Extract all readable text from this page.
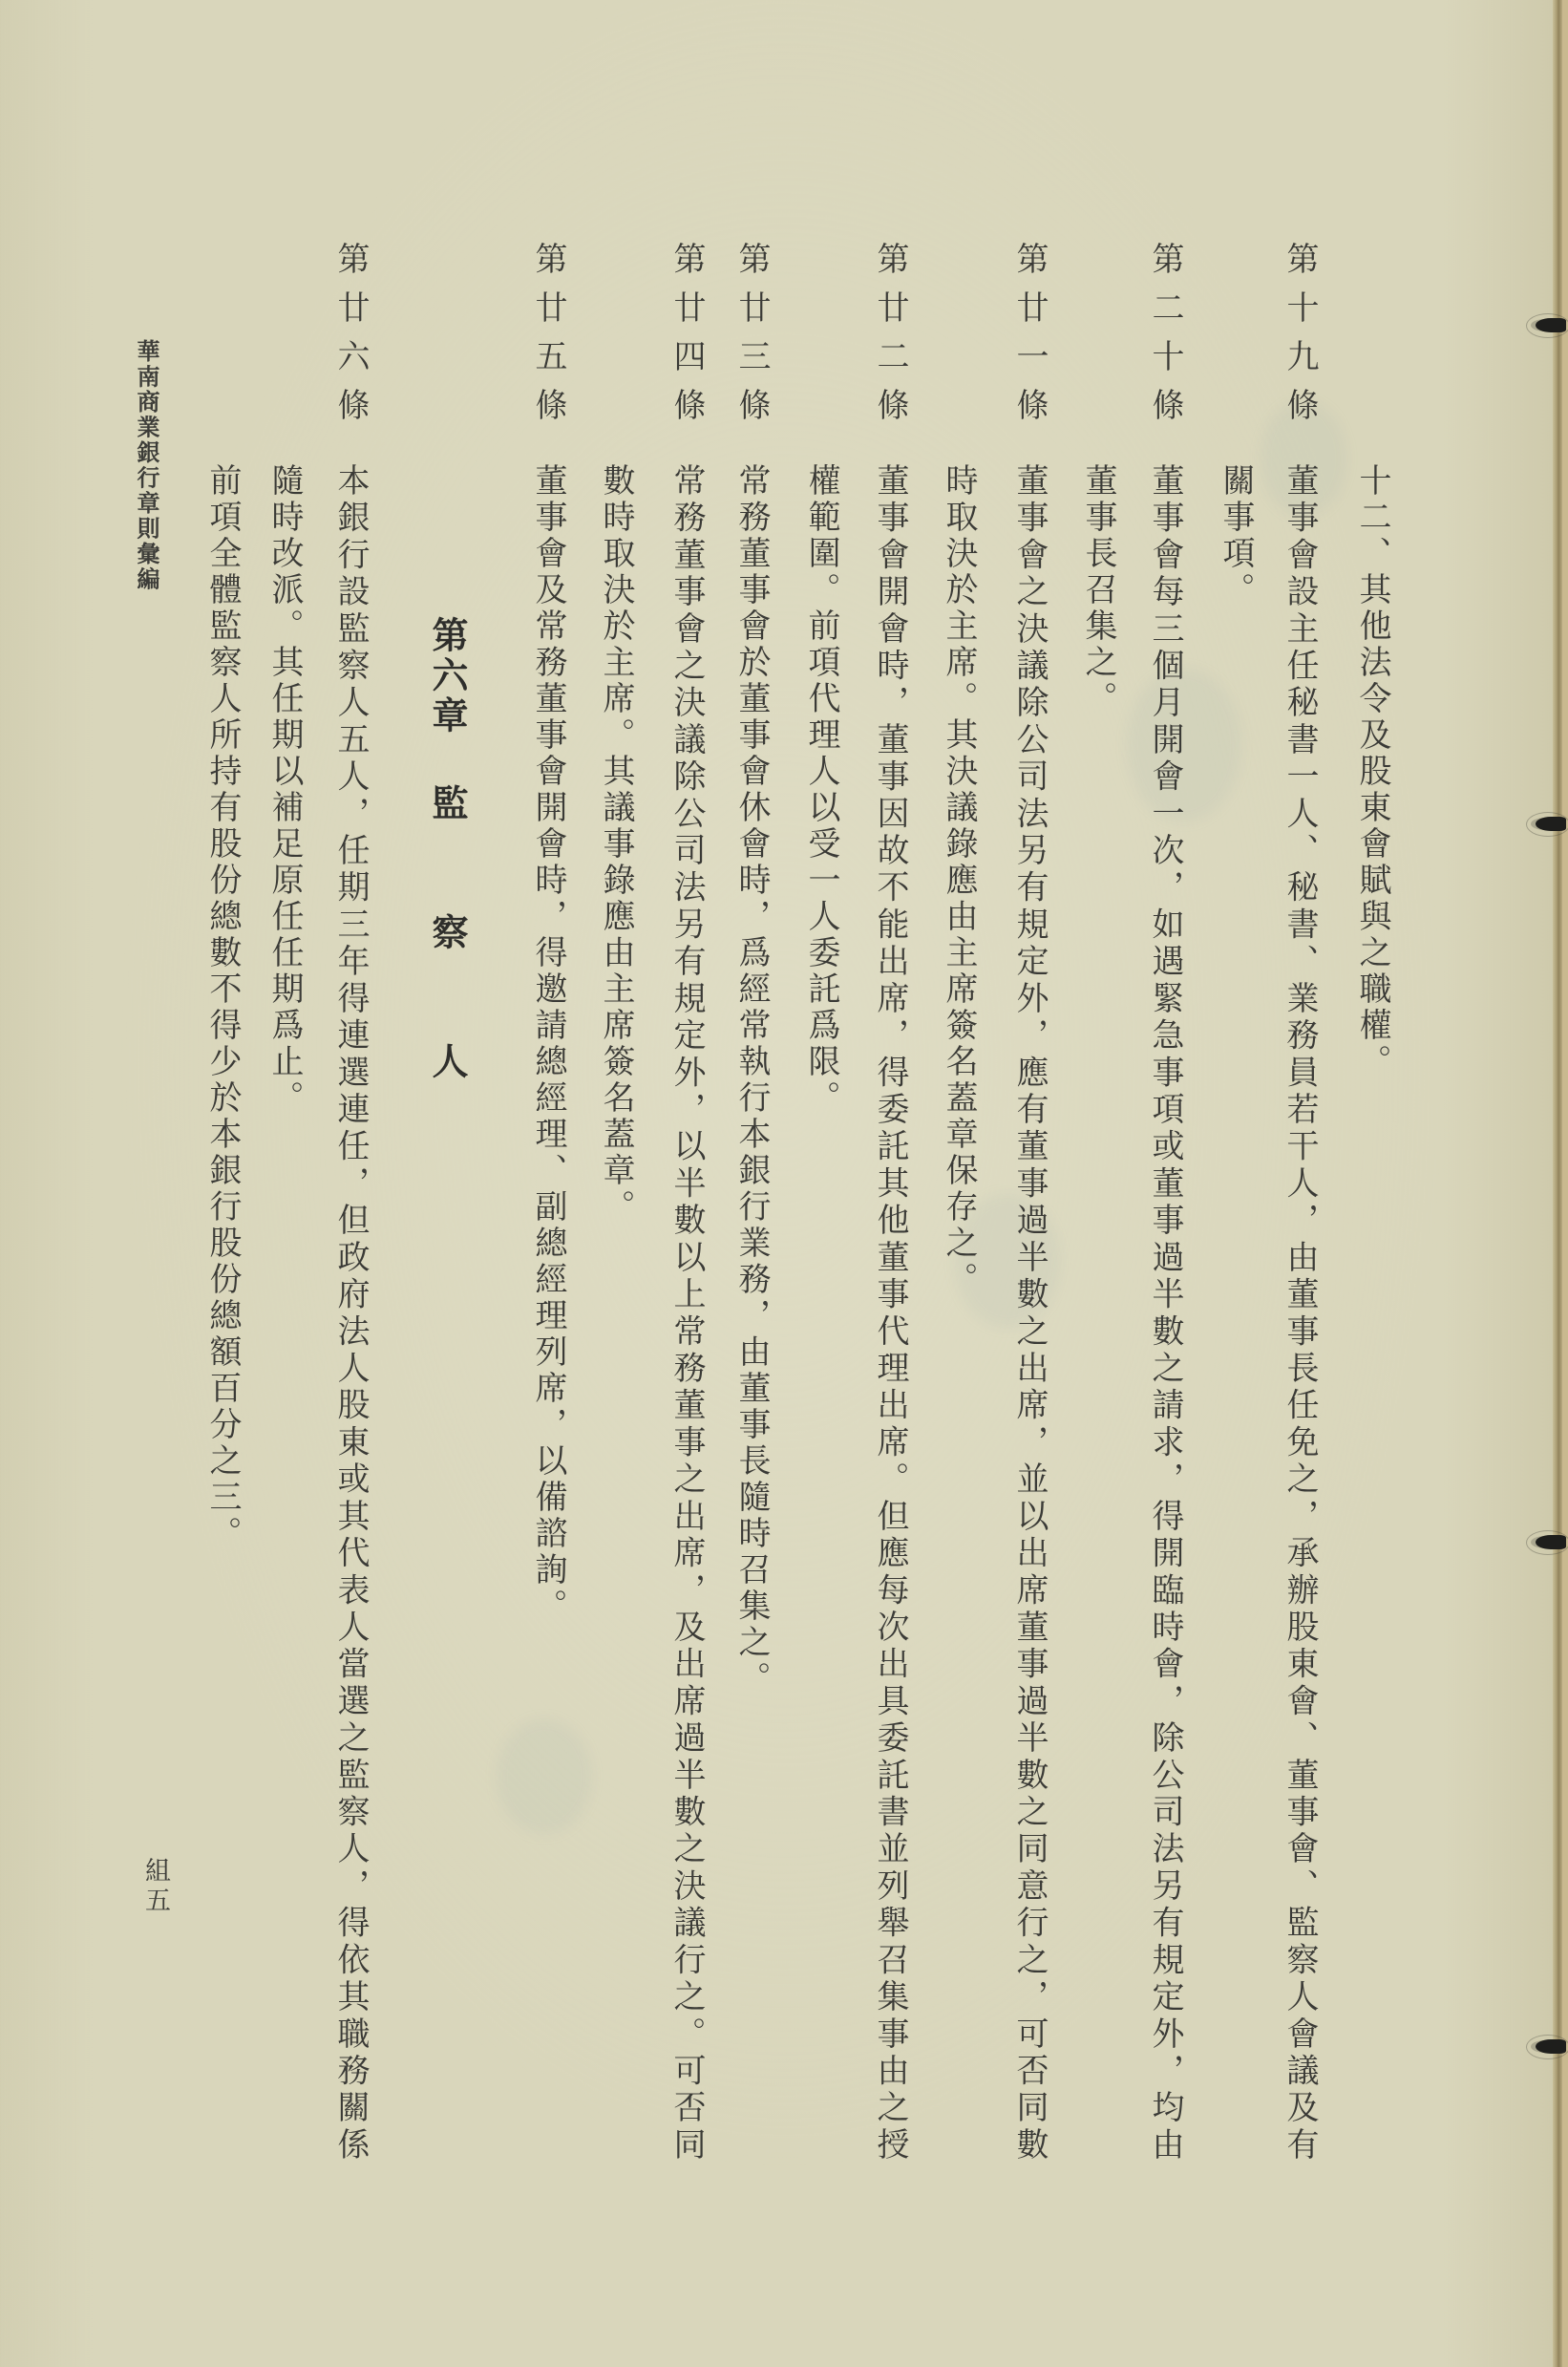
十二、其他法令及股東會賦與之職權。
第十九條
董事會設主任秘書一人、秘書、業務員若干人，由董事長任免之，承辦股東會、董事會、監察人會議及有
關事項。
第二十條
董事會每三個月開會一次，如遇緊急事項或董事過半數之請求，得開臨時會，除公司法另有規定外，均由
董事長召集之。
第廿一條
董事會之決議除公司法另有規定外，應有董事過半數之出席，並以出席董事過半數之同意行之，可否同數
時取決於主席。其決議錄應由主席簽名蓋章保存之。
第廿二條
董事會開會時，董事因故不能出席，得委託其他董事代理出席。但應每次出具委託書並列舉召集事由之授
權範圍。前項代理人以受一人委託爲限。
第廿三條
常務董事會於董事會休會時，爲經常執行本銀行業務，由董事長隨時召集之。
第廿四條
常務董事會之決議除公司法另有規定外，以半數以上常務董事之出席，及出席過半數之決議行之。可否同
數時取決於主席。其議事錄應由主席簽名蓋章。
第廿五條
董事會及常務董事會開會時，得邀請總經理、副總經理列席，以備諮詢。
第六章
監察人
第廿六條
本銀行設監察人五人，任期三年得連選連任，但政府法人股東或其代表人當選之監察人，得依其職務關係
隨時改派。其任期以補足原任任期爲止。
前項全體監察人所持有股份總數不得少於本銀行股份總額百分之三。
華南商業銀行章則彙編
組五
